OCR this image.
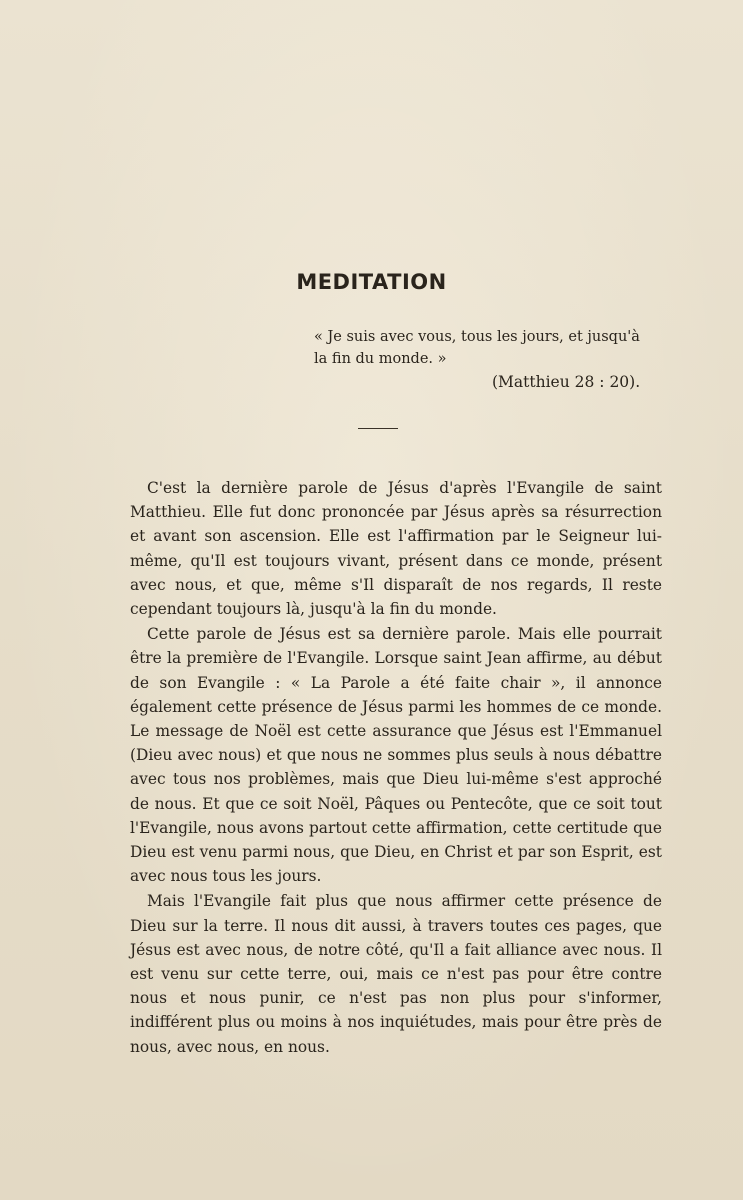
MEDITATION
« Je suis avec vous, tous les jours, et jusqu'à
la fin du monde. »
(Matthieu 28 : 20).

C'est la dernière parole de Jésus d'après l'Evangile de saint Matthieu. Elle fut donc prononcée par Jésus après sa résurrection et avant son ascension. Elle est l'affirmation par le Seigneur lui-même, qu'Il est toujours vivant, présent dans ce monde, présent avec nous, et que, même s'Il disparaît de nos regards, Il reste cependant toujours là, jusqu'à la fin du monde.

Cette parole de Jésus est sa dernière parole. Mais elle pourrait être la première de l'Evangile. Lorsque saint Jean affirme, au début de son Evangile : « La Parole a été faite chair », il annonce également cette présence de Jésus parmi les hommes de ce monde. Le message de Noël est cette assurance que Jésus est l'Emmanuel (Dieu avec nous) et que nous ne sommes plus seuls à nous débattre avec tous nos problèmes, mais que Dieu lui-même s'est approché de nous. Et que ce soit Noël, Pâques ou Pentecôte, que ce soit tout l'Evangile, nous avons partout cette affirmation, cette certitude que Dieu est venu parmi nous, que Dieu, en Christ et par son Esprit, est avec nous tous les jours.

Mais l'Evangile fait plus que nous affirmer cette présence de Dieu sur la terre. Il nous dit aussi, à travers toutes ces pages, que Jésus est avec nous, de notre côté, qu'Il a fait alliance avec nous. Il est venu sur cette terre, oui, mais ce n'est pas pour être contre nous et nous punir, ce n'est pas non plus pour s'informer, indifférent plus ou moins à nos inquiétudes, mais pour être près de nous, avec nous, en nous.
